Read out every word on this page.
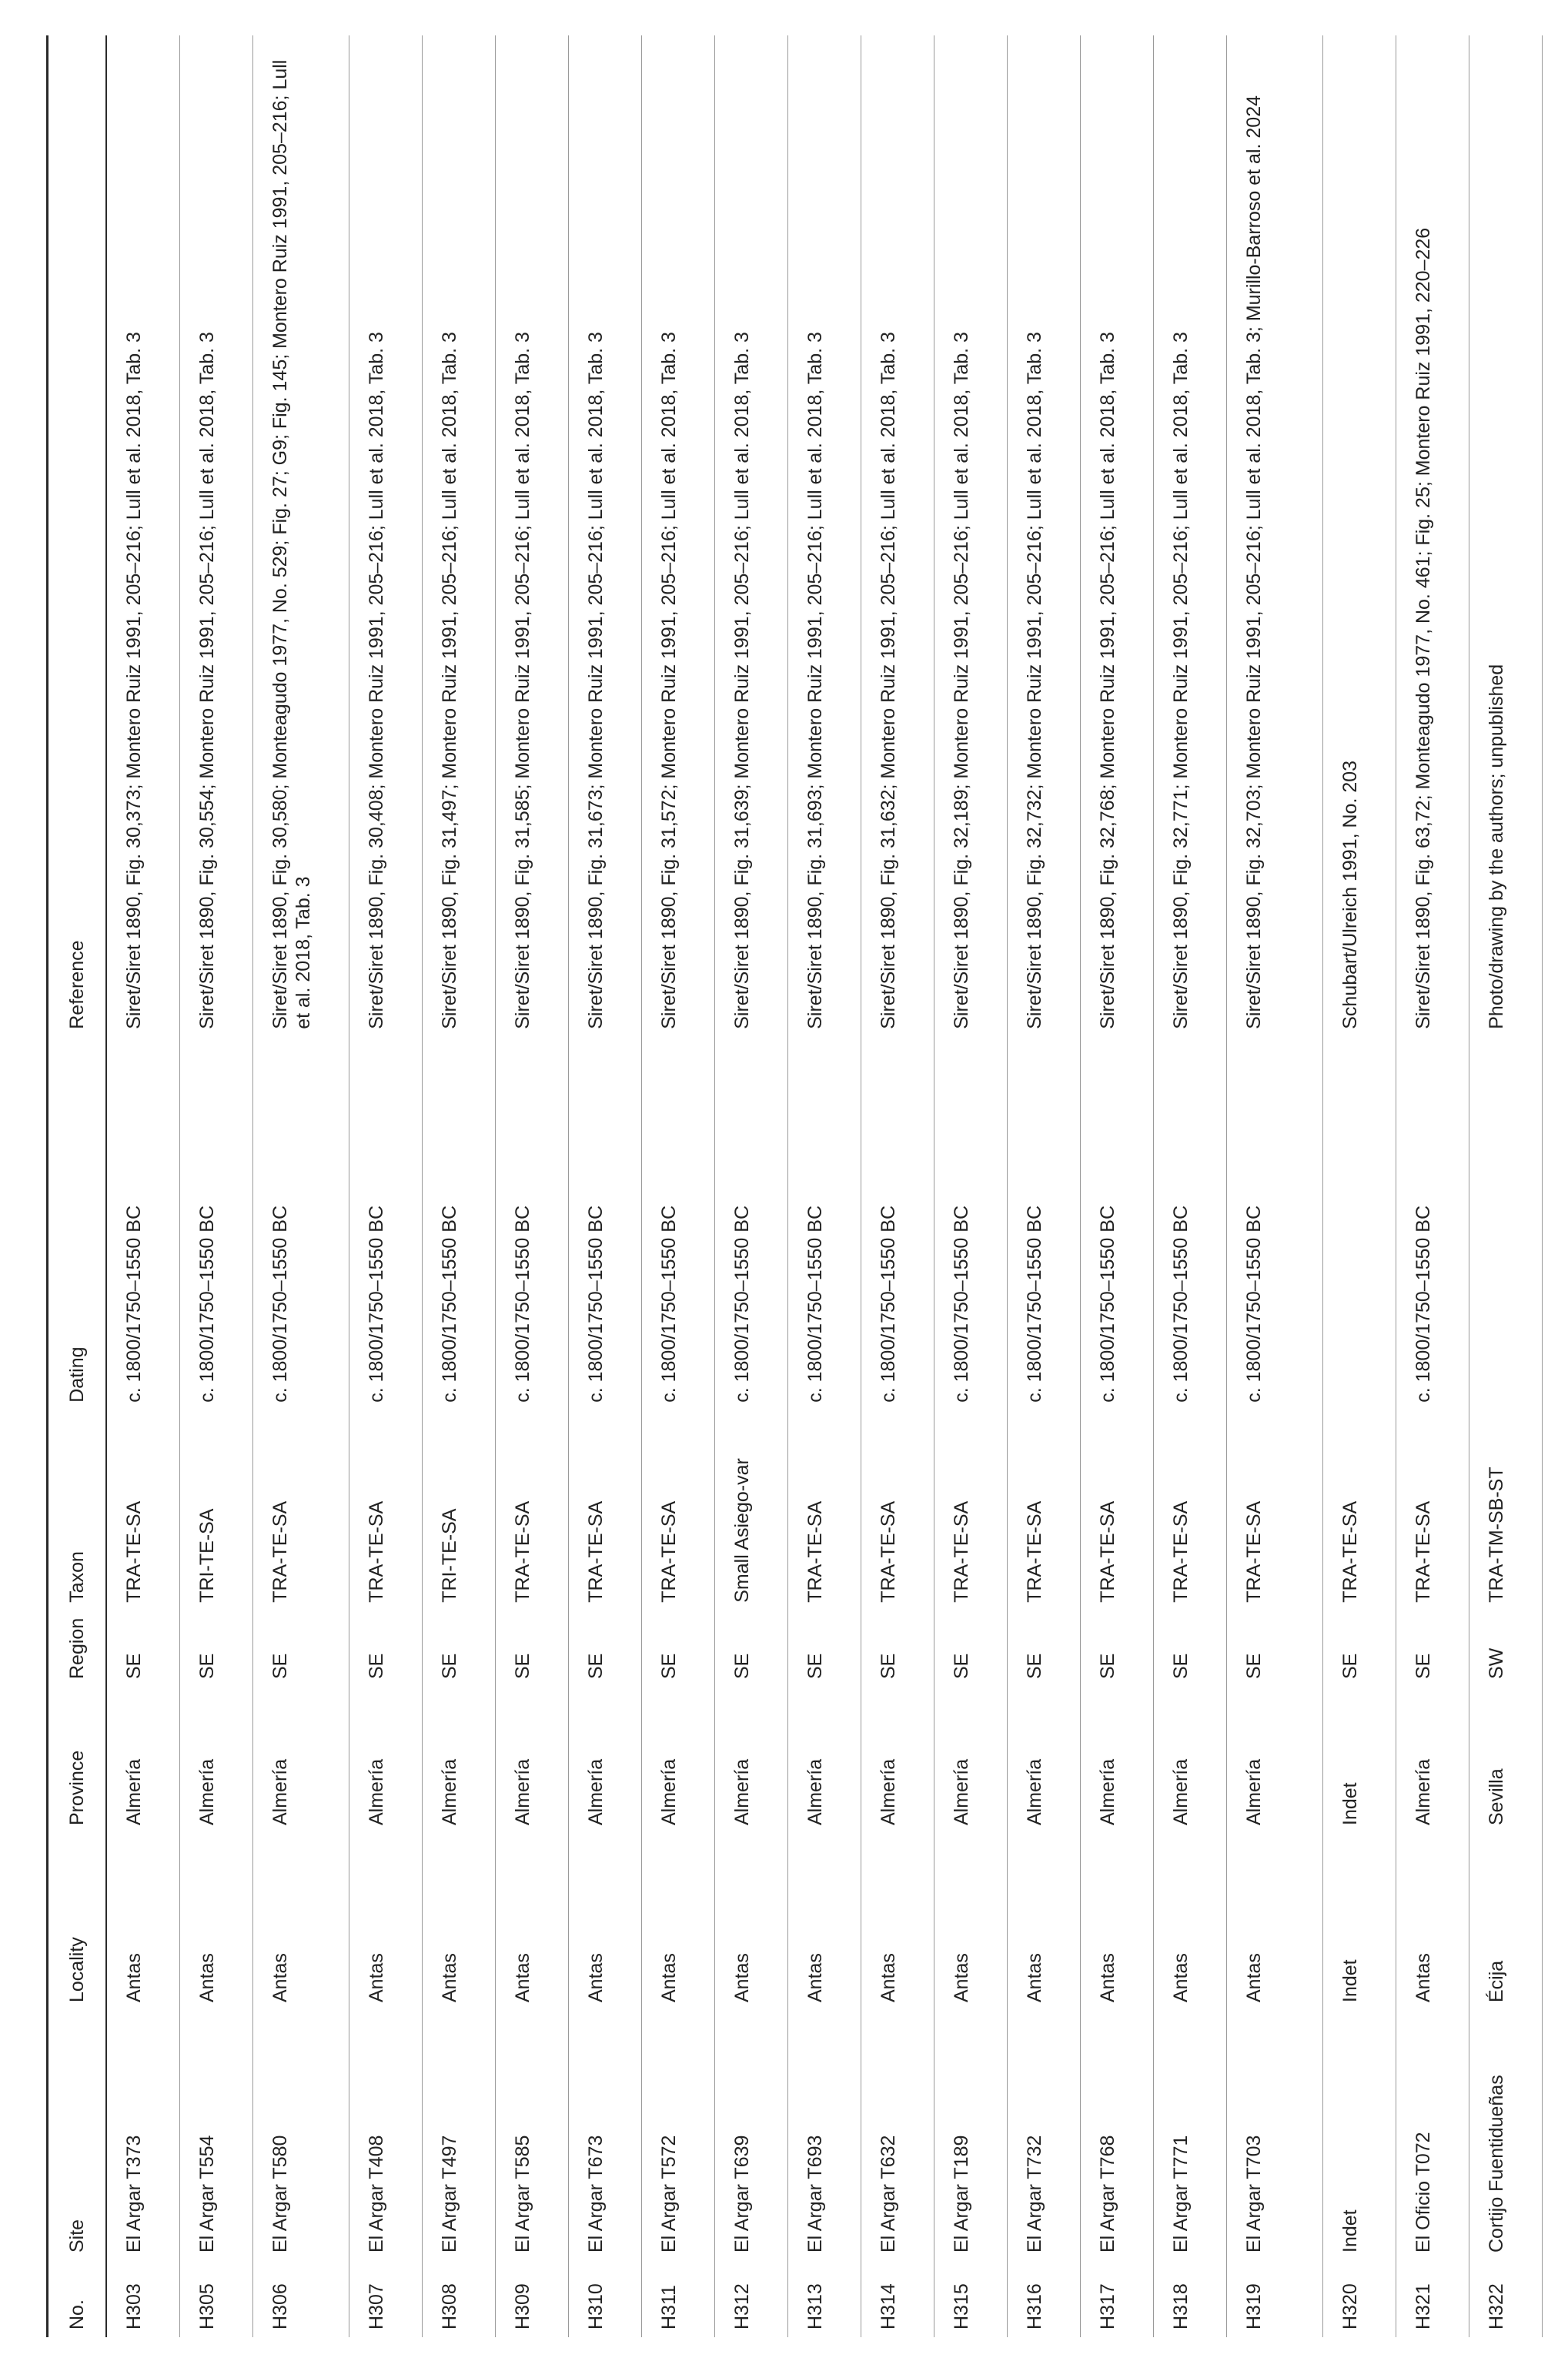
No.	Site	Locality	Province	Region	Taxon	Dating	Reference
H303	El Argar T373	Antas	Almería	SE	TRA-TE-SA	c. 1800/1750–1550 BC	Siret/Siret 1890, Fig. 30,373; Montero Ruiz 1991, 205–216; Lull et al. 2018, Tab. 3
H305	El Argar T554	Antas	Almería	SE	TRI-TE-SA	c. 1800/1750–1550 BC	Siret/Siret 1890, Fig. 30,554; Montero Ruiz 1991, 205–216; Lull et al. 2018, Tab. 3
H306	El Argar T580	Antas	Almería	SE	TRA-TE-SA	c. 1800/1750–1550 BC	Siret/Siret 1890, Fig. 30,580; Monteagudo 1977, No. 529; Fig. 27; G9; Fig. 145; Montero Ruiz 1991, 205–216; Lull et al. 2018, Tab. 3
H307	El Argar T408	Antas	Almería	SE	TRA-TE-SA	c. 1800/1750–1550 BC	Siret/Siret 1890, Fig. 30,408; Montero Ruiz 1991, 205–216; Lull et al. 2018, Tab. 3
H308	El Argar T497	Antas	Almería	SE	TRI-TE-SA	c. 1800/1750–1550 BC	Siret/Siret 1890, Fig. 31,497; Montero Ruiz 1991, 205–216; Lull et al. 2018, Tab. 3
H309	El Argar T585	Antas	Almería	SE	TRA-TE-SA	c. 1800/1750–1550 BC	Siret/Siret 1890, Fig. 31,585; Montero Ruiz 1991, 205–216; Lull et al. 2018, Tab. 3
H310	El Argar T673	Antas	Almería	SE	TRA-TE-SA	c. 1800/1750–1550 BC	Siret/Siret 1890, Fig. 31,673; Montero Ruiz 1991, 205–216; Lull et al. 2018, Tab. 3
H311	El Argar T572	Antas	Almería	SE	TRA-TE-SA	c. 1800/1750–1550 BC	Siret/Siret 1890, Fig. 31,572; Montero Ruiz 1991, 205–216; Lull et al. 2018, Tab. 3
H312	El Argar T639	Antas	Almería	SE	Small Asiego-var	c. 1800/1750–1550 BC	Siret/Siret 1890, Fig. 31,639; Montero Ruiz 1991, 205–216; Lull et al. 2018, Tab. 3
H313	El Argar T693	Antas	Almería	SE	TRA-TE-SA	c. 1800/1750–1550 BC	Siret/Siret 1890, Fig. 31,693; Montero Ruiz 1991, 205–216; Lull et al. 2018, Tab. 3
H314	El Argar T632	Antas	Almería	SE	TRA-TE-SA	c. 1800/1750–1550 BC	Siret/Siret 1890, Fig. 31,632; Montero Ruiz 1991, 205–216; Lull et al. 2018, Tab. 3
H315	El Argar T189	Antas	Almería	SE	TRA-TE-SA	c. 1800/1750–1550 BC	Siret/Siret 1890, Fig. 32,189; Montero Ruiz 1991, 205–216; Lull et al. 2018, Tab. 3
H316	El Argar T732	Antas	Almería	SE	TRA-TE-SA	c. 1800/1750–1550 BC	Siret/Siret 1890, Fig. 32,732; Montero Ruiz 1991, 205–216; Lull et al. 2018, Tab. 3
H317	El Argar T768	Antas	Almería	SE	TRA-TE-SA	c. 1800/1750–1550 BC	Siret/Siret 1890, Fig. 32,768; Montero Ruiz 1991, 205–216; Lull et al. 2018, Tab. 3
H318	El Argar T771	Antas	Almería	SE	TRA-TE-SA	c. 1800/1750–1550 BC	Siret/Siret 1890, Fig. 32,771; Montero Ruiz 1991, 205–216; Lull et al. 2018, Tab. 3
H319	El Argar T703	Antas	Almería	SE	TRA-TE-SA	c. 1800/1750–1550 BC	Siret/Siret 1890, Fig. 32,703; Montero Ruiz 1991, 205–216; Lull et al. 2018, Tab. 3; Murillo-Barroso et al. 2024
H320	Indet	Indet	Indet	SE	TRA-TE-SA		Schubart/Ulreich 1991, No. 203
H321	El Oficio T072	Antas	Almería	SE	TRA-TE-SA	c. 1800/1750–1550 BC	Siret/Siret 1890, Fig. 63,72; Monteagudo 1977, No. 461; Fig. 25; Montero Ruiz 1991, 220–226
H322	Cortijo Fuentidueñas	Écija	Sevilla	SW	TRA-TM-SB-ST		Photo/drawing by the authors; unpublished
